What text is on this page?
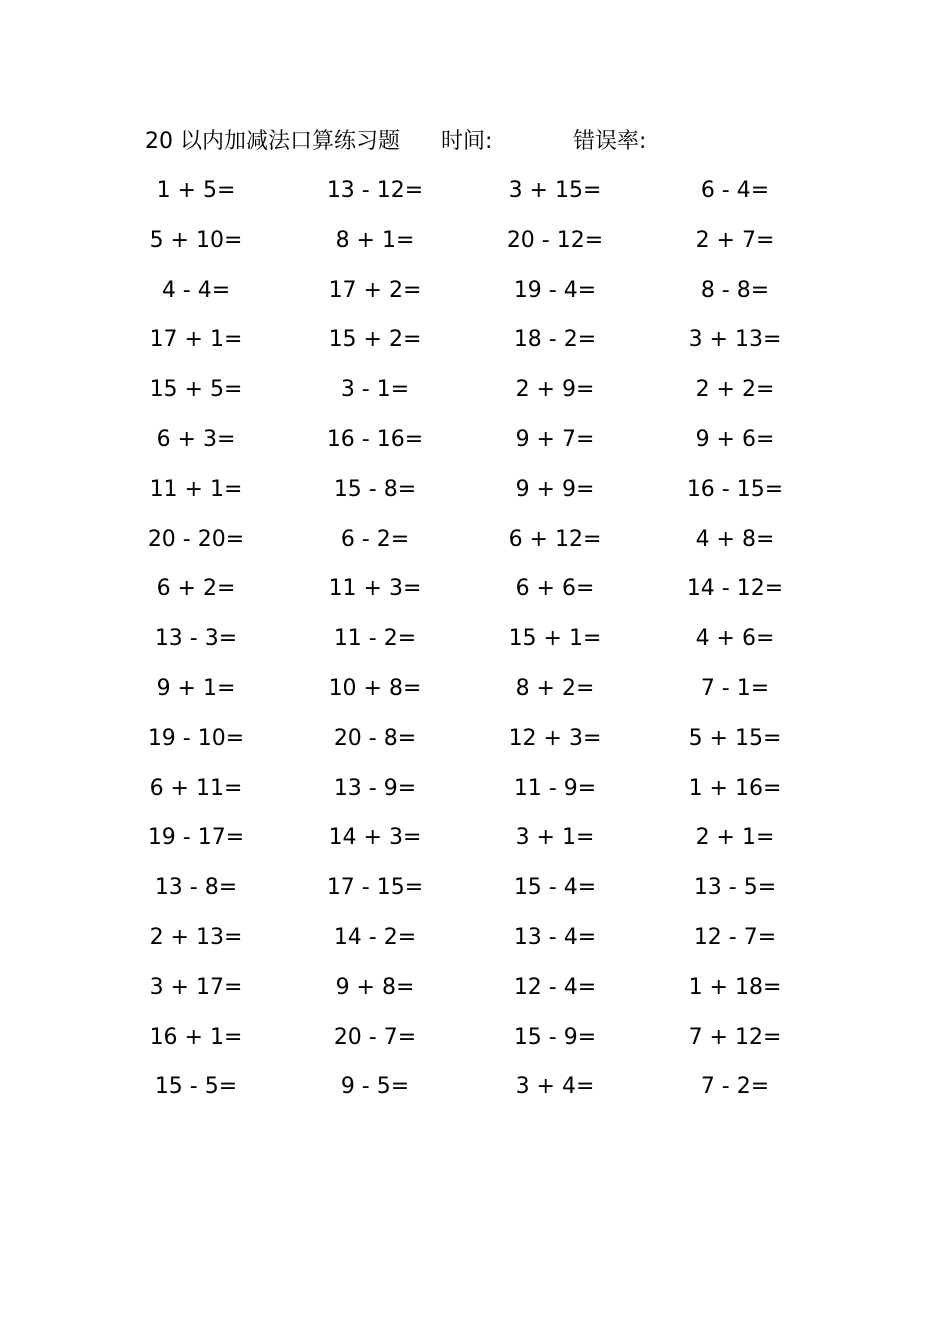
20 以内加减法口算练习题 时间:	错误率:
1 + 5=	13 - 12=	3 + 15=	6 - 4=
5 + 10=	8 + 1=	20 - 12=	2 + 7=
4 - 4=	17 + 2=	19 - 4=	8 - 8=
17 + 1=	15 + 2=	18 - 2=	3 + 13=
15 + 5=	3 - 1=	2 + 9=	2 + 2=
6 + 3=	16 - 16=	9 + 7=	9 + 6=
11 + 1=	15 - 8=	9 + 9=	16 - 15=
20 - 20=	6 - 2=	6 + 12=	4 + 8=
6 + 2=	11 + 3=	6 + 6=	14 - 12=
13 - 3=	11 - 2=	15 + 1=	4 + 6=
9 + 1=	10 + 8=	8 + 2=	7 - 1=
19 - 10=	20 - 8=	12 + 3=	5 + 15=
6 + 11=	13 - 9=	11 - 9=	1 + 16=
19 - 17=	14 + 3=	3 + 1=	2 + 1=
13 - 8=	17 - 15=	15 - 4=	13 - 5=
2 + 13=	14 - 2=	13 - 4=	12 - 7=
3 + 17=	9 + 8=	12 - 4=	1 + 18=
16 + 1=	20 - 7=	15 - 9=	7 + 12=
15 - 5=	9 - 5=	3 + 4=	7 - 2=
